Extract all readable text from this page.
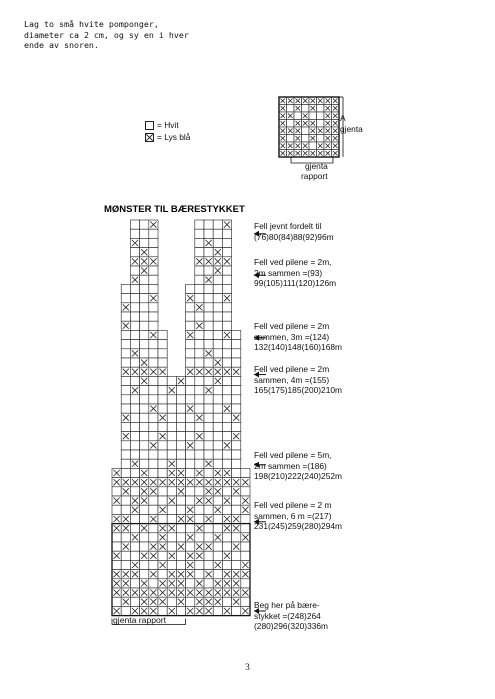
Lag to små hvite pomponger,
diameter ca 2 cm, og sy en i hver
ende av snoren.
= Hvit
= Lys blå
A
gjenta
gjenta
rapport
MØNSTER TIL BÆRESTYKKET
Fell jevnt fordelt til
(76)80(84)88(92)96m
Fell ved pilene = 2m,
2m sammen =(93)
99(105)111(120)126m
Fell ved pilene = 2m
sammen, 3m =(124)
132(140)148(160)168m
Fell ved pilene = 2m
sammen, 4m =(155)
165(175)185(200)210m
Fell ved pilene = 5m,
2m sammen =(186)
198(210)222(240)252m
Fell ved pilene = 2 m
sammen, 6 m =(217)
231(245)259(280)294m
Beg her på bære-
stykket =(248)264
(280)296(320)336m
gjenta rapport
3
